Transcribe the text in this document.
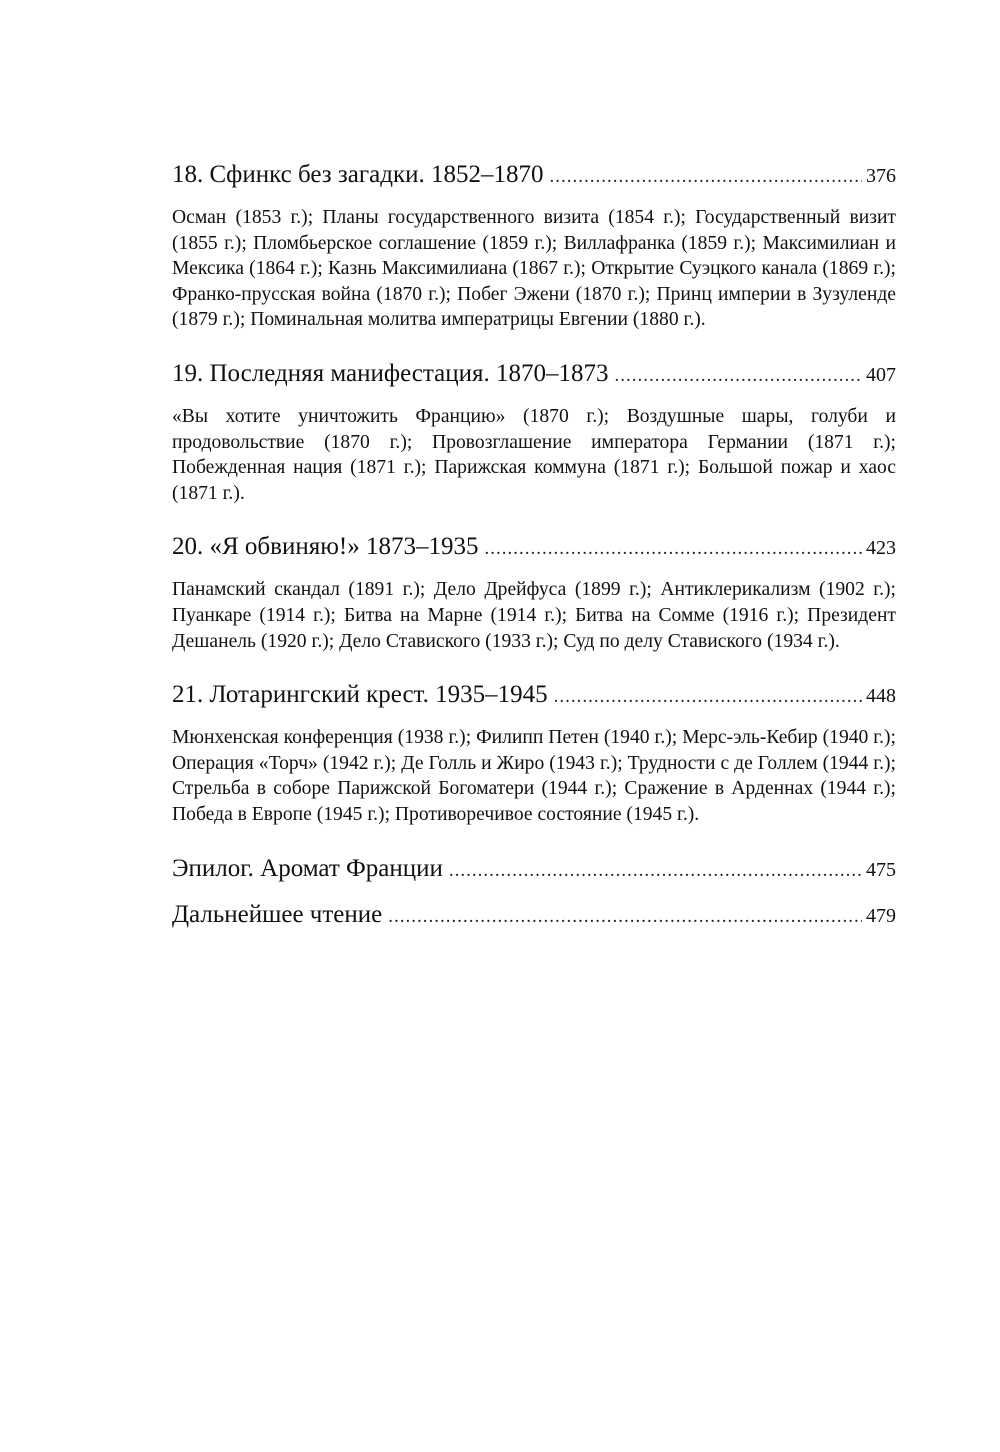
18. Сфинкс без загадки. 1852–1870 .....	376
Осман (1853 г.); Планы государственного визита (1854 г.); Государственный визит (1855 г.); Пломбьерское соглашение (1859 г.); Виллафранка (1859 г.); Максимилиан и Мексика (1864 г.); Казнь Максимилиана (1867 г.); Открытие Суэцкого канала (1869 г.); Франко-прусская война (1870 г.); Побег Эжени (1870 г.); Принц империи в Зузуленде (1879 г.); Поминальная молитва императрицы Евгении (1880 г.).
19. Последняя манифестация. 1870–1873 .....	407
«Вы хотите уничтожить Францию» (1870 г.); Воздушные шары, голуби и продовольствие (1870 г.); Провозглашение императора Германии (1871 г.); Побежденная нация (1871 г.); Парижская коммуна (1871 г.); Большой пожар и хаос (1871 г.).
20. «Я обвиняю!» 1873–1935 .....	423
Панамский скандал (1891 г.); Дело Дрейфуса (1899 г.); Антиклерикализм (1902 г.); Пуанкаре (1914 г.); Битва на Марне (1914 г.); Битва на Сомме (1916 г.); Президент Дешанель (1920 г.); Дело Ставиского (1933 г.); Суд по делу Ставиского (1934 г.).
21. Лотарингский крест. 1935–1945 .....	448
Мюнхенская конференция (1938 г.); Филипп Петен (1940 г.); Мерс-эль-Кебир (1940 г.); Операция «Торч» (1942 г.); Де Голль и Жиро (1943 г.); Трудности с де Голлем (1944 г.); Стрельба в соборе Парижской Богоматери (1944 г.); Сражение в Арденнах (1944 г.); Победа в Европе (1945 г.); Противоречивое состояние (1945 г.).
Эпилог. Аромат Франции .....	475
Дальнейшее чтение .....	479
